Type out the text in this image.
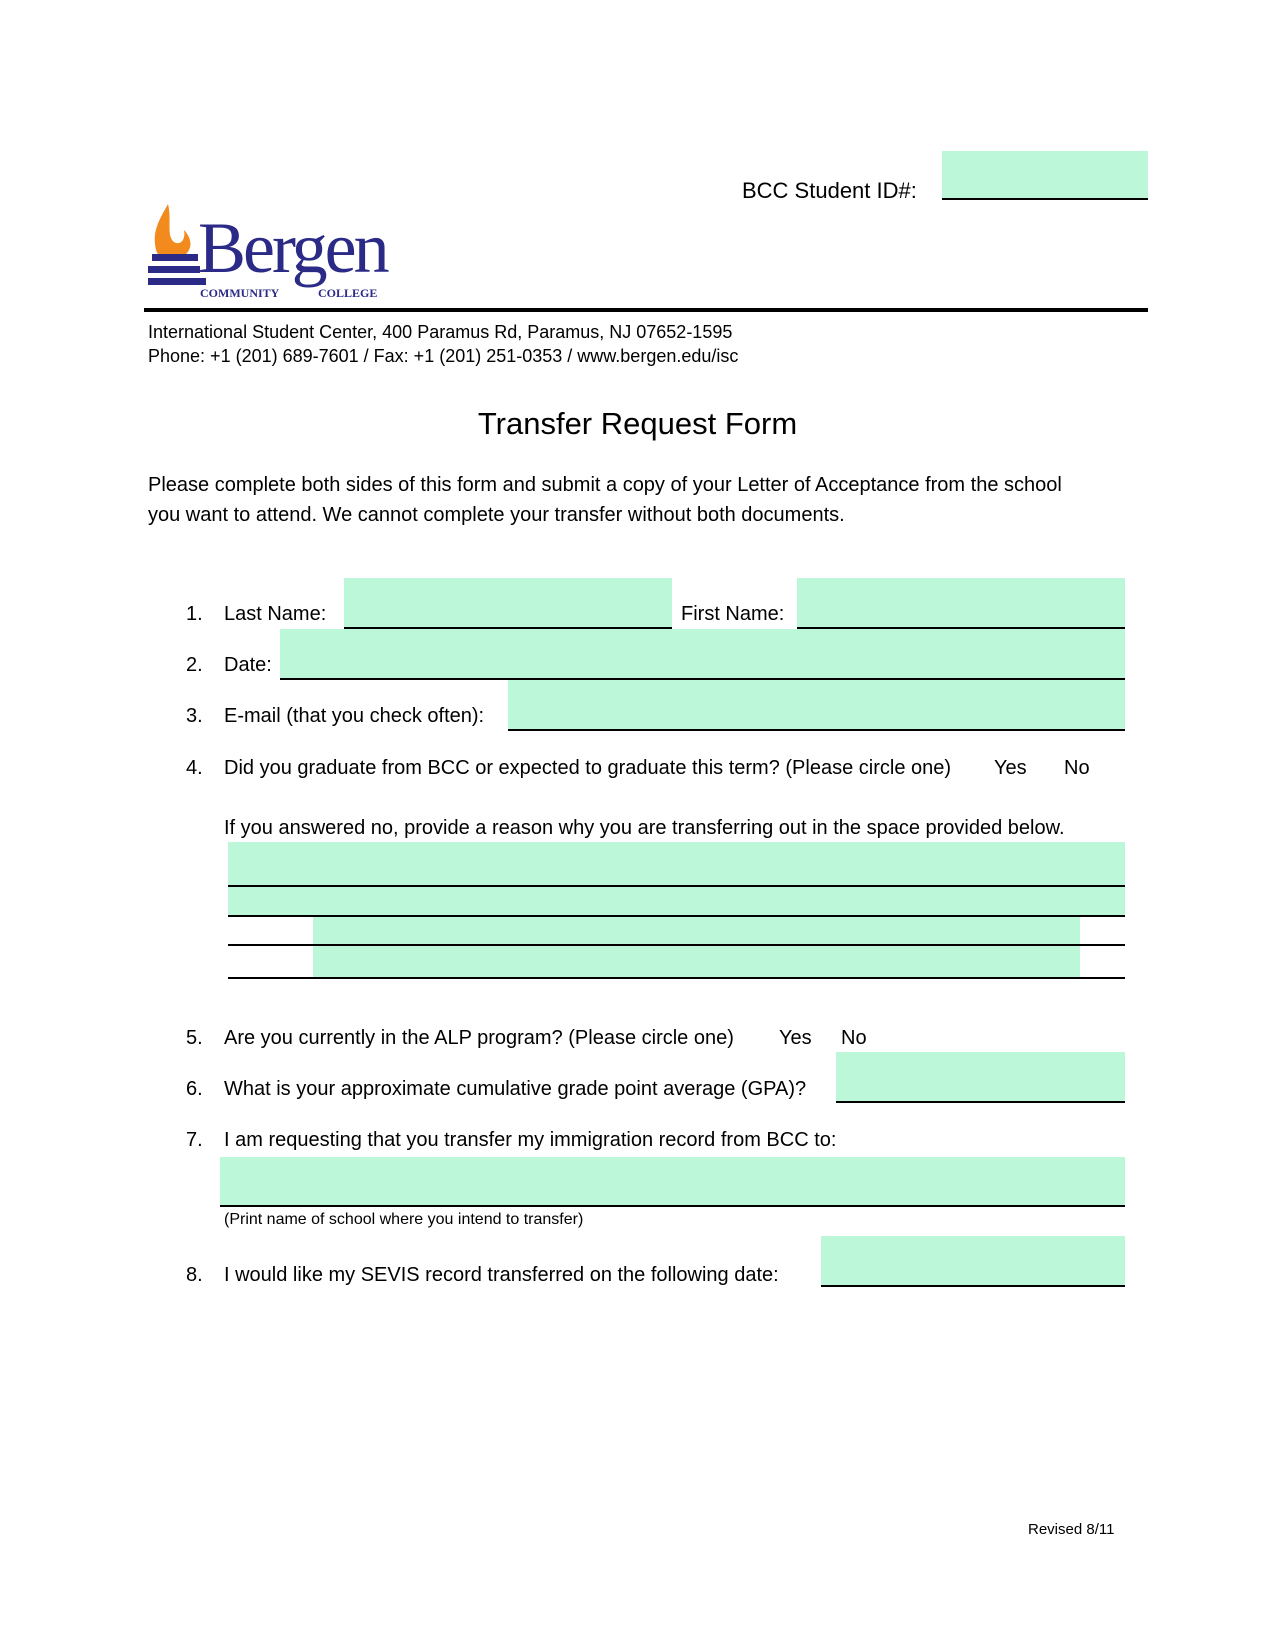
BCC Student ID#:
Bergen
COMMUNITY	COLLEGE
International Student Center, 400 Paramus Rd, Paramus, NJ 07652-1595
Phone: +1 (201) 689-7601 / Fax: +1 (201) 251-0353 / www.bergen.edu/isc
Transfer Request Form
Please complete both sides of this form and submit a copy of your Letter of Acceptance from the school
you want to attend. We cannot complete your transfer without both documents.
1. Last Name:	First Name:
2. Date:
3. E-mail (that you check often):
4. Did you graduate from BCC or expected to graduate this term? (Please circle one) Yes No
If you answered no, provide a reason why you are transferring out in the space provided below.
5. Are you currently in the ALP program? (Please circle one) Yes No
6. What is your approximate cumulative grade point average (GPA)?
7. I am requesting that you transfer my immigration record from BCC to:
(Print name of school where you intend to transfer)
8. I would like my SEVIS record transferred on the following date:
Revised 8/11
